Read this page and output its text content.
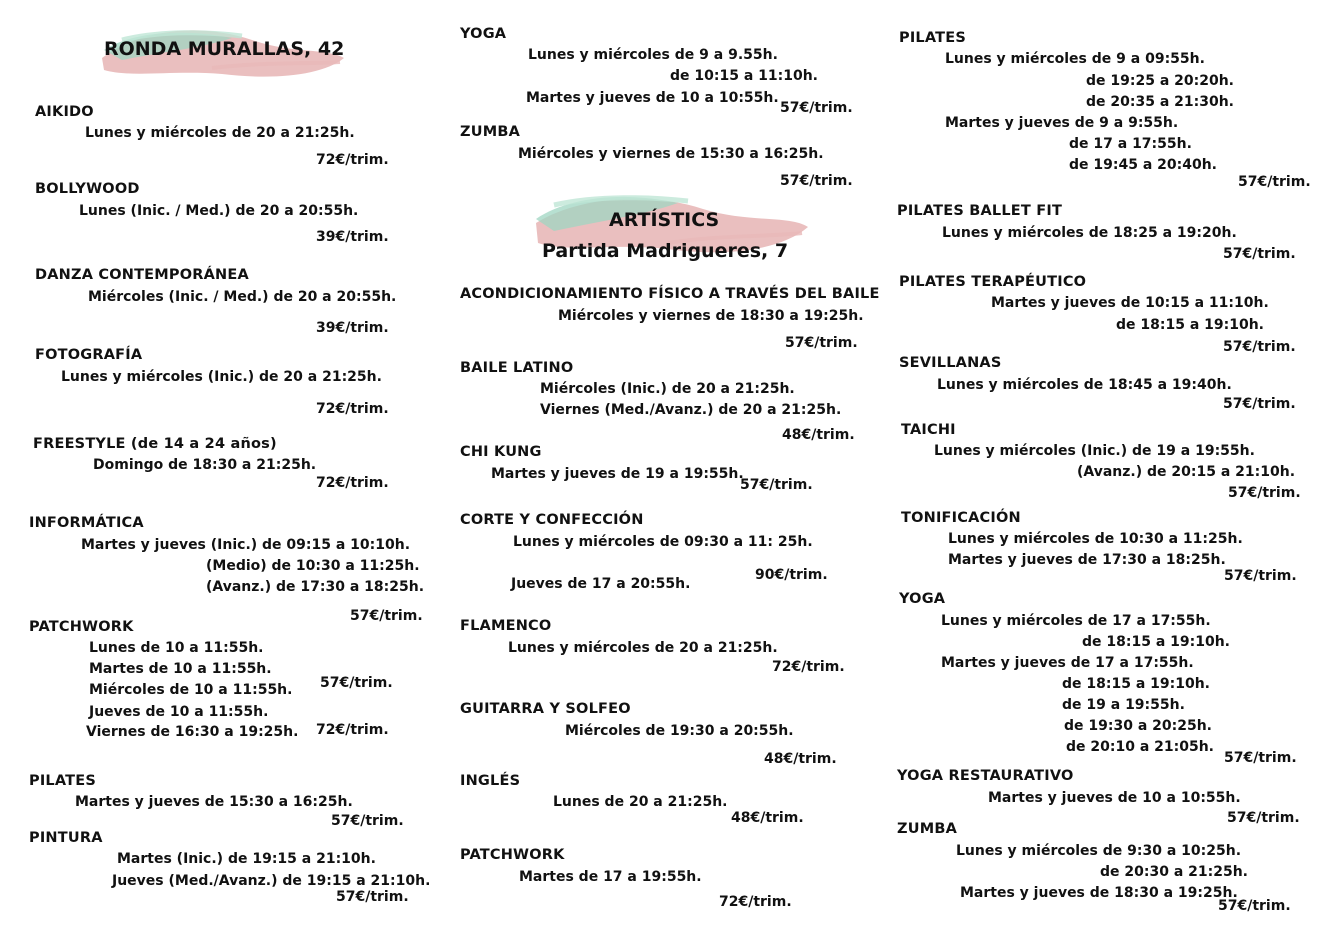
RONDA MURALLAS, 42
AIKIDO
Lunes y miércoles de 20 a 21:25h.
72€/trim.
BOLLYWOOD
Lunes (Inic. / Med.) de 20 a 20:55h.
39€/trim.
DANZA CONTEMPORÁNEA
Miércoles (Inic. / Med.) de 20 a 20:55h.
39€/trim.
FOTOGRAFÍA
Lunes y miércoles (Inic.) de 20 a 21:25h.
72€/trim.
FREESTYLE (de 14 a 24 años)
Domingo de 18:30 a 21:25h.
72€/trim.
INFORMÁTICA
Martes y jueves (Inic.) de 09:15 a 10:10h.
(Medio) de 10:30 a 11:25h.
(Avanz.) de 17:30 a 18:25h.
57€/trim.
PATCHWORK
Lunes de 10 a 11:55h.
Martes de 10 a 11:55h.
Miércoles de 10 a 11:55h.
Jueves de 10 a 11:55h.
Viernes de 16:30 a 19:25h.
57€/trim.
72€/trim.
PILATES
Martes y jueves de 15:30 a 16:25h.
57€/trim.
PINTURA
Martes (Inic.) de 19:15 a 21:10h.
Jueves (Med./Avanz.) de 19:15 a 21:10h.
57€/trim.
YOGA
Lunes y miércoles de 9 a 9.55h.
de 10:15 a 11:10h.
Martes y jueves de 10 a 10:55h.
57€/trim.
ZUMBA
Miércoles y viernes de 15:30 a 16:25h.
57€/trim.
ARTÍSTICS
Partida Madrigueres, 7
ACONDICIONAMIENTO FÍSICO A TRAVÉS DEL BAILE
Miércoles y viernes de 18:30 a 19:25h.
57€/trim.
BAILE LATINO
Miércoles (Inic.) de 20 a 21:25h.
Viernes (Med./Avanz.) de 20 a 21:25h.
48€/trim.
CHI KUNG
Martes y jueves de 19 a 19:55h.
57€/trim.
CORTE Y CONFECCIÓN
Lunes y miércoles de 09:30 a 11: 25h.
Jueves de 17 a 20:55h.
90€/trim.
FLAMENCO
Lunes y miércoles de 20 a 21:25h.
72€/trim.
GUITARRA Y SOLFEO
Miércoles de 19:30 a 20:55h.
48€/trim.
INGLÉS
Lunes de 20 a 21:25h.
48€/trim.
PATCHWORK
Martes de 17 a 19:55h.
72€/trim.
PILATES
Lunes y miércoles de 9 a 09:55h.
de 19:25 a 20:20h.
de 20:35 a 21:30h.
Martes y jueves de 9 a 9:55h.
de 17 a 17:55h.
de 19:45 a 20:40h.
57€/trim.
PILATES BALLET FIT
Lunes y miércoles de 18:25 a 19:20h.
57€/trim.
PILATES TERAPÉUTICO
Martes y jueves de 10:15 a 11:10h.
de 18:15 a 19:10h.
57€/trim.
SEVILLANAS
Lunes y miércoles de 18:45 a 19:40h.
57€/trim.
TAICHI
Lunes y miércoles (Inic.) de 19 a 19:55h.
(Avanz.) de 20:15 a 21:10h.
57€/trim.
TONIFICACIÓN
Lunes y miércoles de 10:30 a 11:25h.
Martes y jueves de 17:30 a 18:25h.
57€/trim.
YOGA
Lunes y miércoles de 17 a 17:55h.
de 18:15 a 19:10h.
Martes y jueves de 17 a 17:55h.
de 18:15 a 19:10h.
de 19 a 19:55h.
de 19:30 a 20:25h.
de 20:10 a 21:05h.
57€/trim.
YOGA RESTAURATIVO
Martes y jueves de 10 a 10:55h.
57€/trim.
ZUMBA
Lunes y miércoles de 9:30 a 10:25h.
de 20:30 a 21:25h.
Martes y jueves de 18:30 a 19:25h.
57€/trim.
